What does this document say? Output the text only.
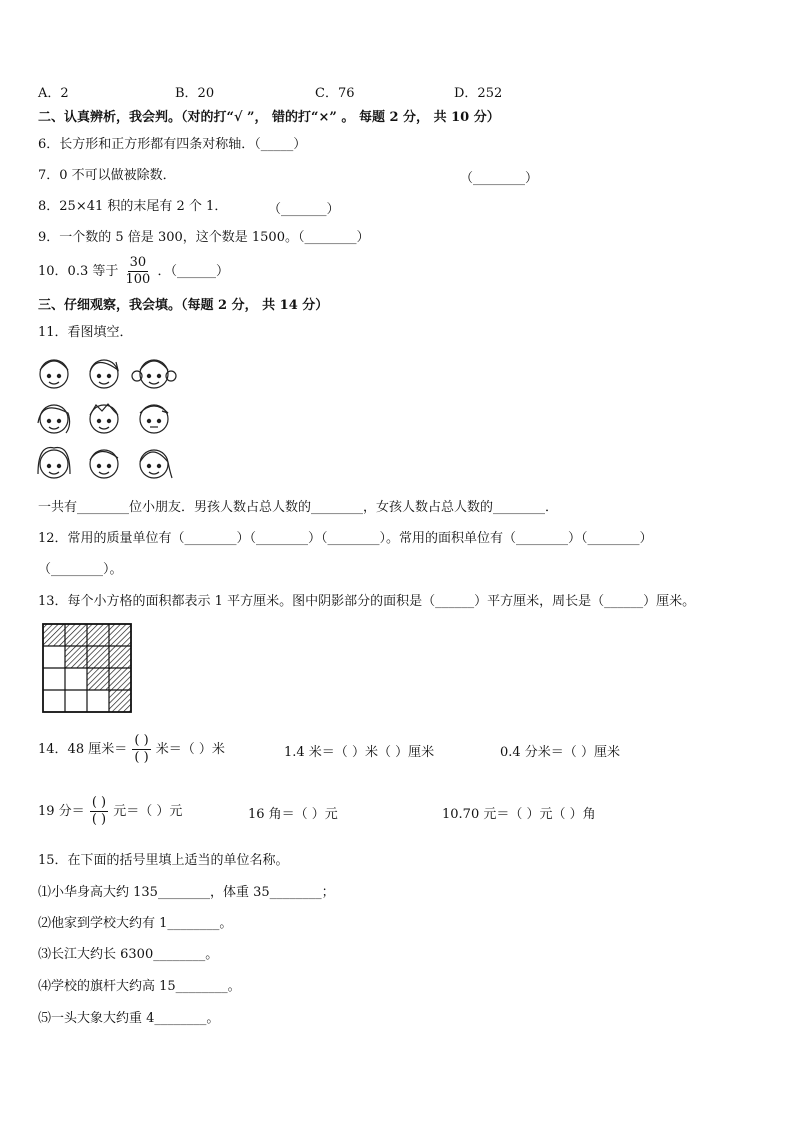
A．2	B．20	C．76	D．252
二、认真辨析，我会判。（对的打“√ ”， 错的打“×” 。 每题 2 分， 共 10 分）
6．长方形和正方形都有四条对称轴．（_____）
7．0 不可以做被除数．	（________）
8．25×41 积的末尾有 2 个 1．	（_______）
9．一个数的 5 倍是 300，这个数是 1500。（________）
10．0.3 等于 $\frac{30}{100}$ ．（______）
三、仔细观察，我会填。（每题 2 分， 共 14 分）
11．看图填空．
一共有________位小朋友．男孩人数占总人数的________，女孩人数占总人数的________．
12．常用的质量单位有（________）（________）（________）。常用的面积单位有（________）（________）
（________）。
13．每个小方格的面积都表示 1 平方厘米。图中阴影部分的面积是（______）平方厘米，周长是（______）厘米。
14．48 厘米＝ $\frac{( )}{( )}$ 米＝（ ）米	1.4 米＝（ ）米（ ）厘米	0.4 分米＝（ ）厘米
19 分＝ $\frac{( )}{( )}$ 元＝（ ）元	16 角＝（ ）元	10.70 元＝（ ）元（ ）角
15．在下面的括号里填上适当的单位名称。
⑴小华身高大约 135________，体重 35________；
⑵他家到学校大约有 1________。
⑶长江大约长 6300________。
⑷学校的旗杆大约高 15________。
⑸一头大象大约重 4________。
